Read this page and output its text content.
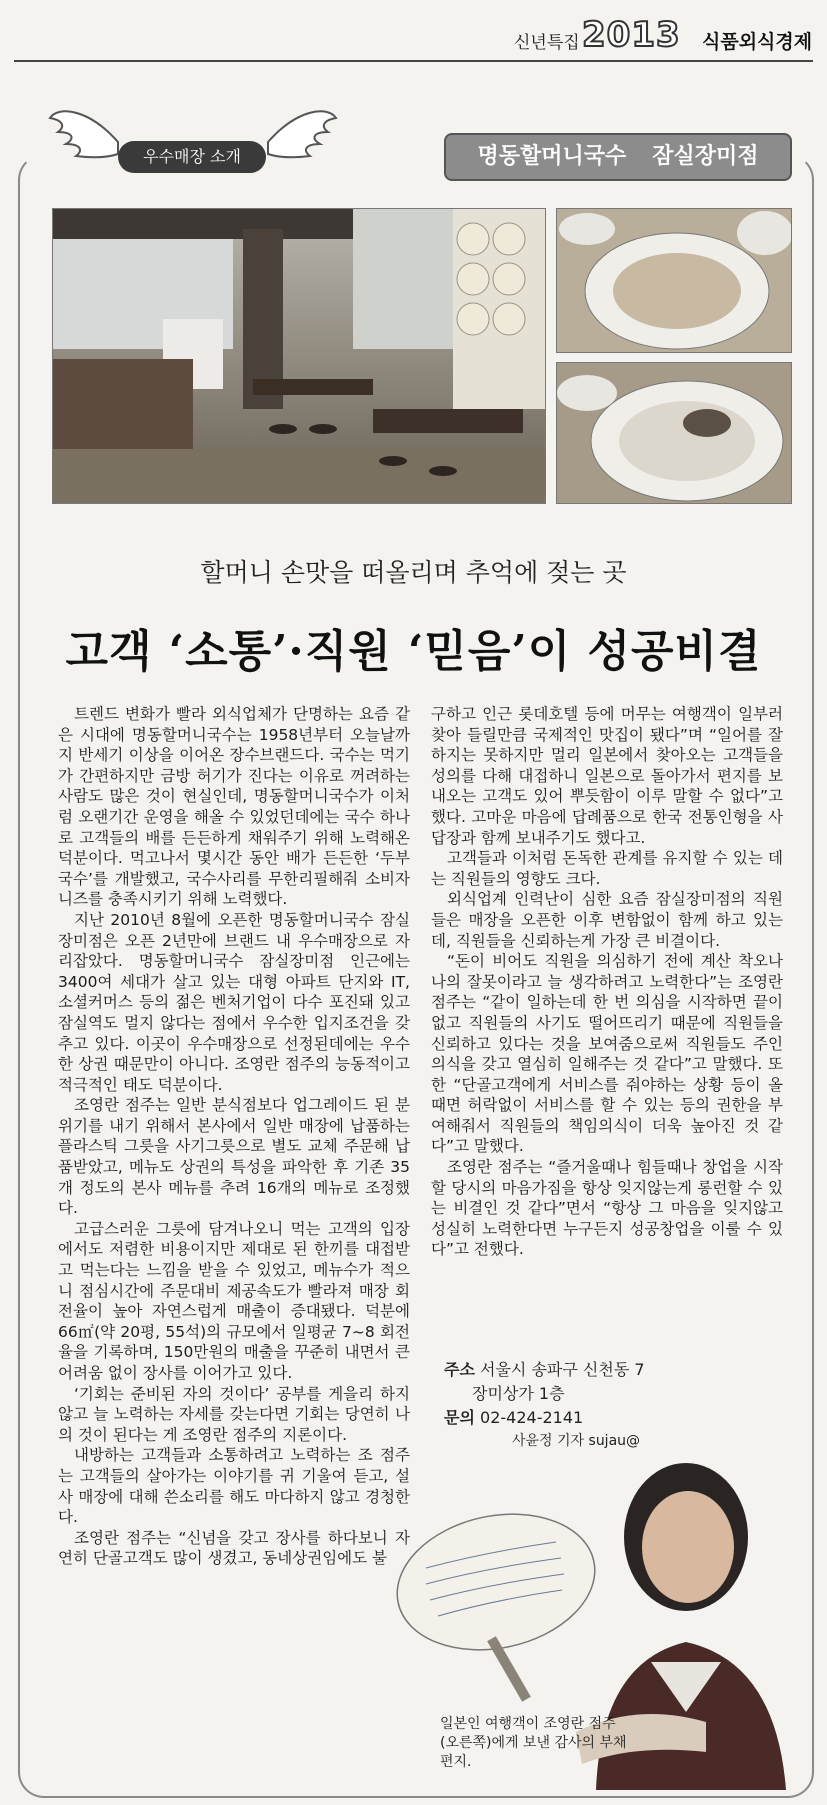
신년특집 2013 식품외식경제
우수매장 소개	명동할머니국수 잠실장미점
할머니 손맛을 떠올리며 추억에 젖는 곳
고객 ‘소통’·직원 ‘믿음’이 성공비결

트렌드 변화가 빨라 외식업체가 단명하는 요즘 같은 시대에 명동할머니국수는 1958년부터 오늘날까지 반세기 이상을 이어온 장수브랜드다. 국수는 먹기가 간편하지만 금방 허기가 진다는 이유로 꺼려하는 사람도 많은 것이 현실인데, 명동할머니국수가 이처럼 오랜기간 운영을 해올 수 있었던데에는 국수 하나로 고객들의 배를 든든하게 채워주기 위해 노력해온 덕분이다. 먹고나서 몇시간 동안 배가 든든한 ‘두부국수’를 개발했고, 국수사리를 무한리필해줘 소비자 니즈를 충족시키기 위해 노력했다.

지난 2010년 8월에 오픈한 명동할머니국수 잠실장미점은 오픈 2년만에 브랜드 내 우수매장으로 자리잡았다. 명동할머니국수 잠실장미점 인근에는 3400여 세대가 살고 있는 대형 아파트 단지와 IT, 소셜커머스 등의 젊은 벤처기업이 다수 포진돼 있고 잠실역도 멀지 않다는 점에서 우수한 입지조건을 갖추고 있다. 이곳이 우수매장으로 선정된데에는 우수한 상권 때문만이 아니다. 조영란 점주의 능동적이고 적극적인 태도 덕분이다.

조영란 점주는 일반 분식점보다 업그레이드 된 분위기를 내기 위해서 본사에서 일반 매장에 납품하는 플라스틱 그릇을 사기그릇으로 별도 교체 주문해 납품받았고, 메뉴도 상권의 특성을 파악한 후 기존 35개 정도의 본사 메뉴를 추려 16개의 메뉴로 조정했다.

고급스러운 그릇에 담겨나오니 먹는 고객의 입장에서도 저렴한 비용이지만 제대로 된 한끼를 대접받고 먹는다는 느낌을 받을 수 있었고, 메뉴수가 적으니 점심시간에 주문대비 제공속도가 빨라져 매장 회전율이 높아 자연스럽게 매출이 증대됐다. 덕분에 66㎡(약 20평, 55석)의 규모에서 일평균 7~8 회전율을 기록하며, 150만원의 매출을 꾸준히 내면서 큰 어려움 없이 장사를 이어가고 있다.

‘기회는 준비된 자의 것이다’ 공부를 게을리 하지 않고 늘 노력하는 자세를 갖는다면 기회는 당연히 나의 것이 된다는 게 조영란 점주의 지론이다.

내방하는 고객들과 소통하려고 노력하는 조 점주는 고객들의 살아가는 이야기를 귀 기울여 듣고, 설사 매장에 대해 쓴소리를 해도 마다하지 않고 경청한다.

조영란 점주는 “신념을 갖고 장사를 하다보니 자연히 단골고객도 많이 생겼고, 동네상권임에도 불

구하고 인근 롯데호텔 등에 머무는 여행객이 일부러 찾아 들릴만큼 국제적인 맛집이 됐다”며 “일어를 잘 하지는 못하지만 멀리 일본에서 찾아오는 고객들을 성의를 다해 대접하니 일본으로 돌아가서 편지를 보내오는 고객도 있어 뿌듯함이 이루 말할 수 없다”고 했다. 고마운 마음에 답례품으로 한국 전통인형을 사 답장과 함께 보내주기도 했다고.

고객들과 이처럼 돈독한 관계를 유지할 수 있는 데는 직원들의 영향도 크다.

외식업계 인력난이 심한 요즘 잠실장미점의 직원들은 매장을 오픈한 이후 변함없이 함께 하고 있는데, 직원들을 신뢰하는게 가장 큰 비결이다.

“돈이 비어도 직원을 의심하기 전에 계산 착오나 나의 잘못이라고 늘 생각하려고 노력한다”는 조영란 점주는 “같이 일하는데 한 번 의심을 시작하면 끝이 없고 직원들의 사기도 떨어뜨리기 때문에 직원들을 신뢰하고 있다는 것을 보여줌으로써 직원들도 주인의식을 갖고 열심히 일해주는 것 같다”고 말했다. 또한 “단골고객에게 서비스를 줘야하는 상황 등이 올때면 허락없이 서비스를 할 수 있는 등의 권한을 부여해줘서 직원들의 책임의식이 더욱 높아진 것 같다”고 말했다.

조영란 점주는 “즐거울때나 힘들때나 창업을 시작할 당시의 마음가짐을 항상 잊지않는게 롱런할 수 있는 비결인 것 같다”면서 “항상 그 마음을 잊지않고 성실히 노력한다면 누구든지 성공창업을 이룰 수 있다”고 전했다.

주소 서울시 송파구 신천동 7
장미상가 1층
문의 02-424-2141
사윤정 기자 sujau@
일본인 여행객이 조영란 점주(오른쪽)에게 보낸 감사의 부채 편지.
